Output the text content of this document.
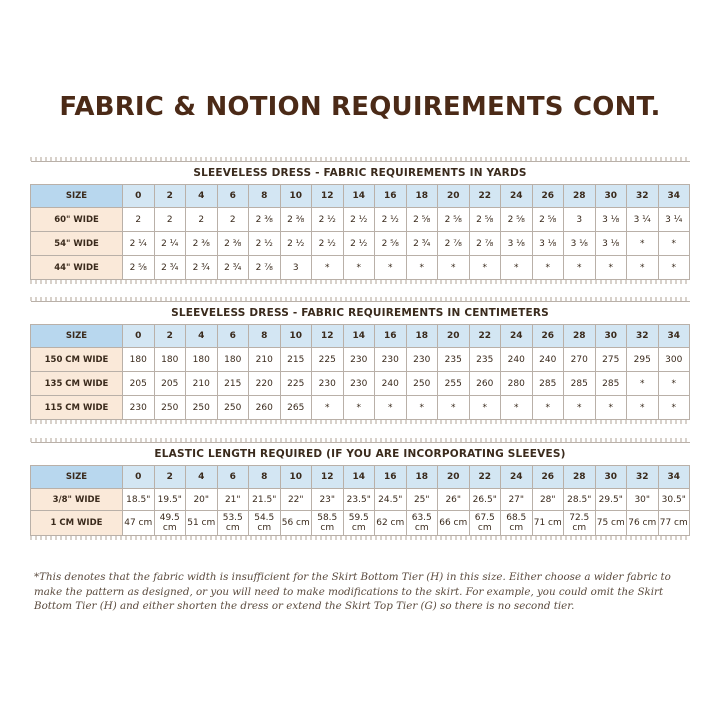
FABRIC & NOTION REQUIREMENTS CONT.
SLEEVELESS DRESS - FABRIC REQUIREMENTS IN YARDS																		
SIZE	0	2	4	6	8	10	12	14	16	18	20	22	24	26	28	30	32	34
60" WIDE	2	2	2	2	2 ⅜	2 ⅜	2 ½	2 ½	2 ½	2 ⅝	2 ⅝	2 ⅝	2 ⅝	2 ⅝	3	3 ⅛	3 ¼	3 ¼
54" WIDE	2 ¼	2 ¼	2 ⅜	2 ⅜	2 ½	2 ½	2 ½	2 ½	2 ⅝	2 ¾	2 ⅞	2 ⅞	3 ⅛	3 ⅛	3 ⅛	3 ⅛	*	*
44" WIDE	2 ⅝	2 ¾	2 ¾	2 ¾	2 ⅞	3	*	*	*	*	*	*	*	*	*	*	*	*
SLEEVELESS DRESS - FABRIC REQUIREMENTS IN CENTIMETERS																		
SIZE	0	2	4	6	8	10	12	14	16	18	20	22	24	26	28	30	32	34
150 CM WIDE	180	180	180	180	210	215	225	230	230	230	235	235	240	240	270	275	295	300
135 CM WIDE	205	205	210	215	220	225	230	230	240	250	255	260	280	285	285	285	*	*
115 CM WIDE	230	250	250	250	260	265	*	*	*	*	*	*	*	*	*	*	*	*
ELASTIC LENGTH REQUIRED (IF YOU ARE INCORPORATING SLEEVES)																		
SIZE	0	2	4	6	8	10	12	14	16	18	20	22	24	26	28	30	32	34
3/8" WIDE	18.5"	19.5"	20"	21"	21.5"	22"	23"	23.5"	24.5"	25"	26"	26.5"	27"	28"	28.5"	29.5"	30"	30.5"
1 CM WIDE	47 cm	49.5 cm	51 cm	53.5 cm	54.5 cm	56 cm	58.5 cm	59.5 cm	62 cm	63.5 cm	66 cm	67.5 cm	68.5 cm	71 cm	72.5 cm	75 cm	76 cm	77 cm
*This denotes that the fabric width is insufficient for the Skirt Bottom Tier (H) in this size. Either choose a wider fabric to make the pattern as designed, or you will need to make modifications to the skirt. For example, you could omit the Skirt Bottom Tier (H) and either shorten the dress or extend the Skirt Top Tier (G) so there is no second tier.
